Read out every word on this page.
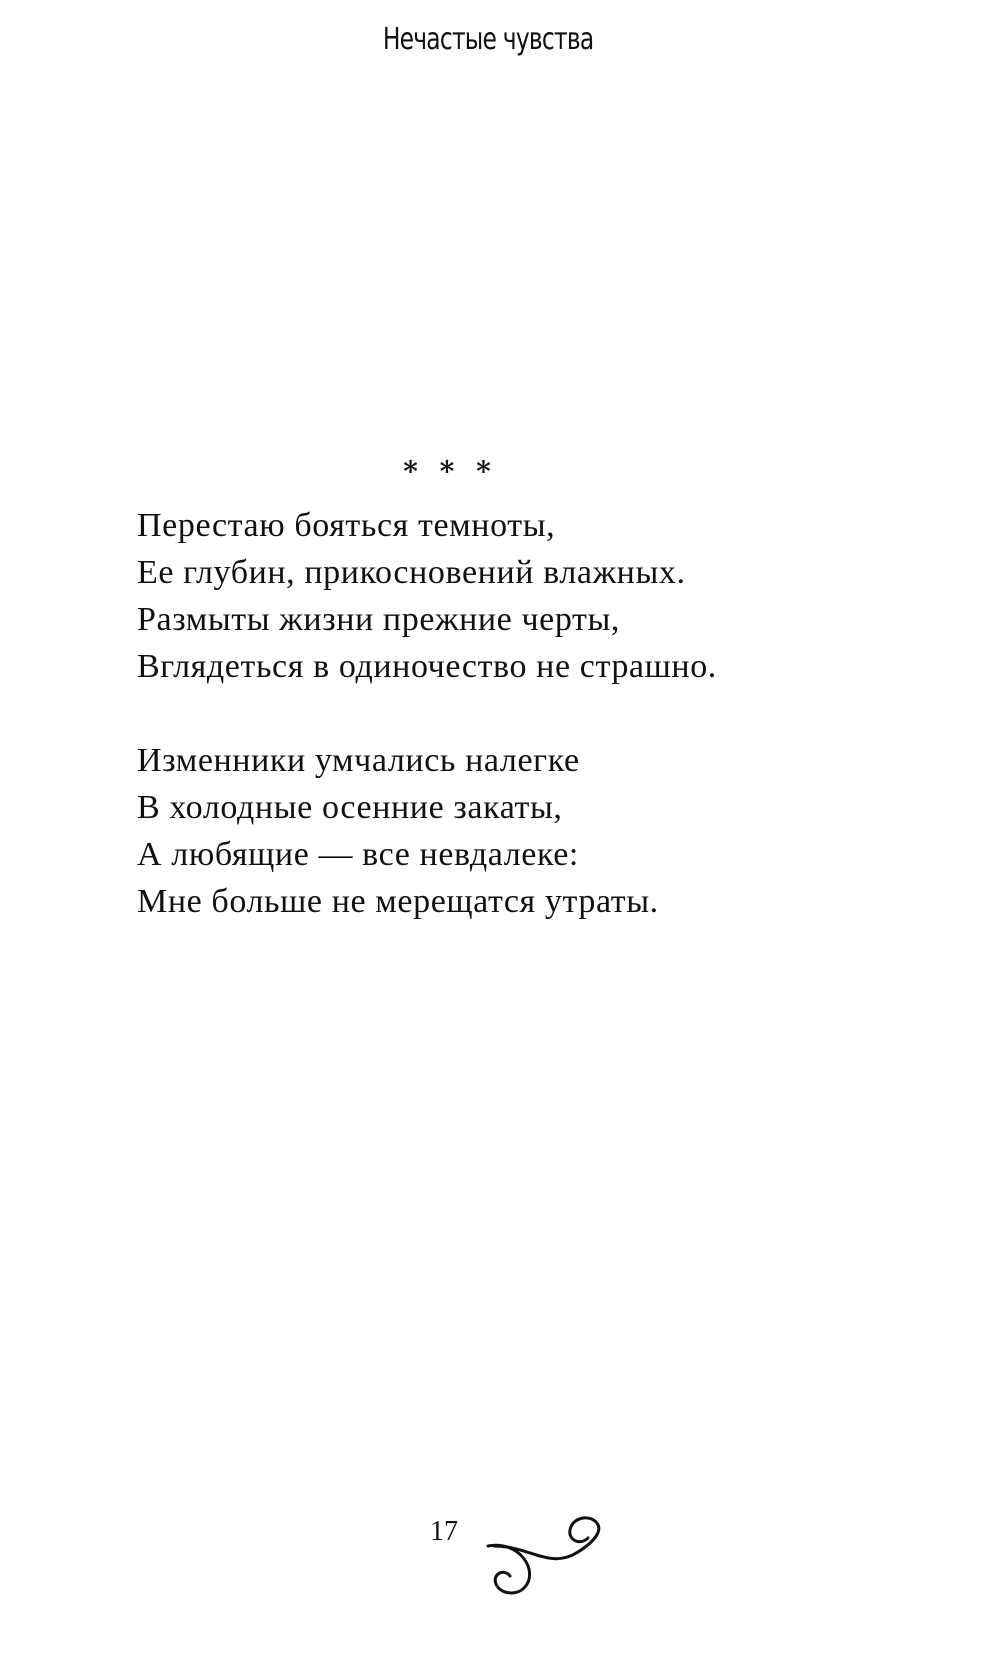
Нечастые чувства
* * *
Перестаю бояться темноты,
Ее глубин, прикосновений влажных.
Размыты жизни прежние черты,
Вглядеться в одиночество не страшно.
Изменники умчались налегке
В холодные осенние закаты,
А любящие — все невдалеке:
Мне больше не мерещатся утраты.
17
